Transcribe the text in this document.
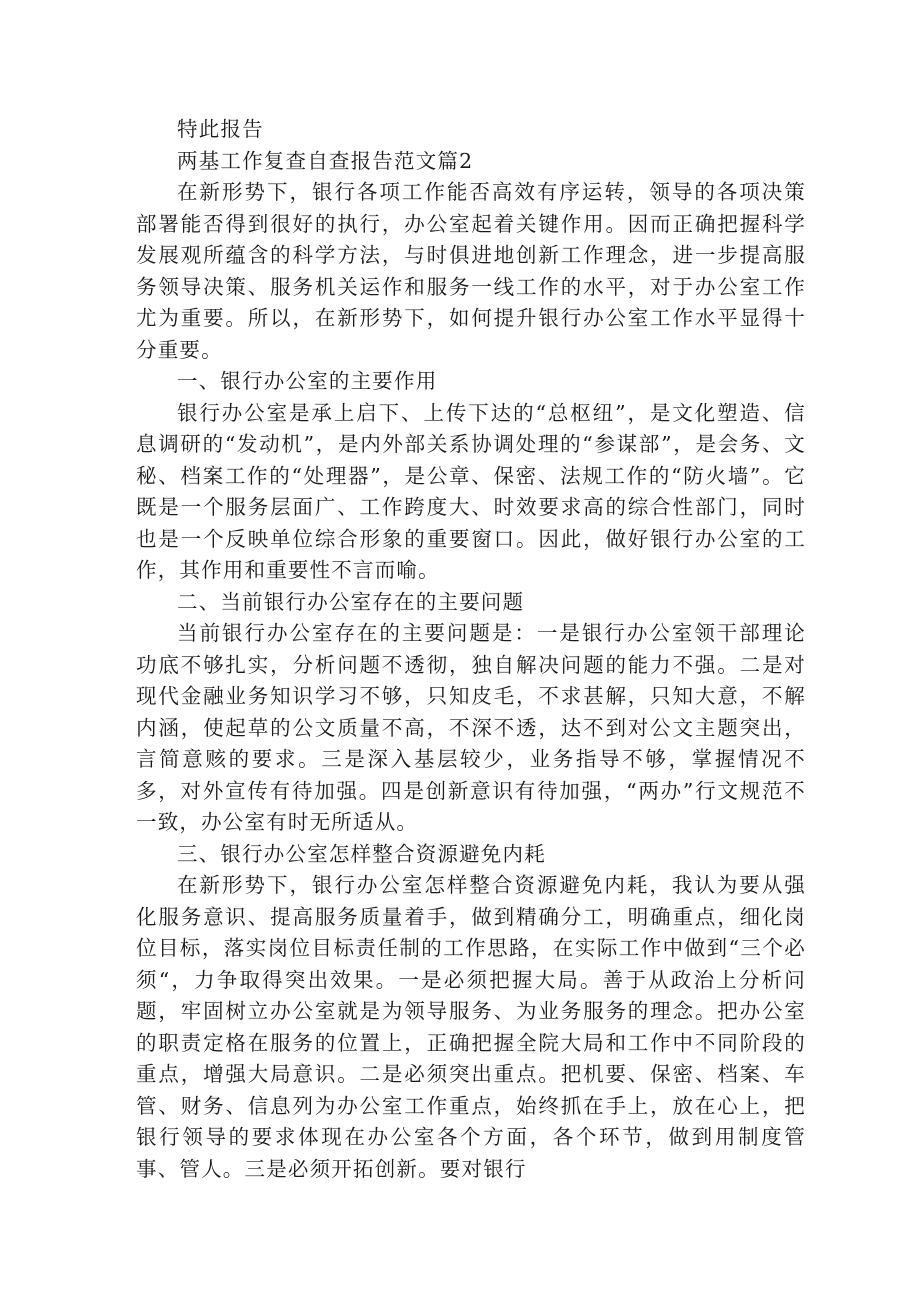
特此报告

两基工作复查自查报告范文篇2

在新形势下，银行各项工作能否高效有序运转，领导的各项决策部署能否得到很好的执行，办公室起着关键作用。因而正确把握科学发展观所蕴含的科学方法，与时俱进地创新工作理念，进一步提高服务领导决策、服务机关运作和服务一线工作的水平，对于办公室工作尤为重要。所以，在新形势下，如何提升银行办公室工作水平显得十分重要。

一、银行办公室的主要作用

银行办公室是承上启下、上传下达的“总枢纽”，是文化塑造、信息调研的“发动机”，是内外部关系协调处理的“参谋部”，是会务、文秘、档案工作的“处理器”，是公章、保密、法规工作的“防火墙”。它既是一个服务层面广、工作跨度大、时效要求高的综合性部门，同时也是一个反映单位综合形象的重要窗口。因此，做好银行办公室的工作，其作用和重要性不言而喻。

二、当前银行办公室存在的主要问题

当前银行办公室存在的主要问题是：一是银行办公室领干部理论功底不够扎实，分析问题不透彻，独自解决问题的能力不强。二是对现代金融业务知识学习不够，只知皮毛，不求甚解，只知大意，不解内涵，使起草的公文质量不高，不深不透，达不到对公文主题突出，言简意赅的要求。三是深入基层较少，业务指导不够，掌握情况不多，对外宣传有待加强。四是创新意识有待加强，“两办”行文规范不一致，办公室有时无所适从。

三、银行办公室怎样整合资源避免内耗

在新形势下，银行办公室怎样整合资源避免内耗，我认为要从强化服务意识、提高服务质量着手，做到精确分工，明确重点，细化岗位目标，落实岗位目标责任制的工作思路，在实际工作中做到“三个必须“，力争取得突出效果。一是必须把握大局。善于从政治上分析问题，牢固树立办公室就是为领导服务、为业务服务的理念。把办公室的职责定格在服务的位置上，正确把握全院大局和工作中不同阶段的重点，增强大局意识。二是必须突出重点。把机要、保密、档案、车管、财务、信息列为办公室工作重点，始终抓在手上，放在心上，把银行领导的要求体现在办公室各个方面，各个环节，做到用制度管事、管人。三是必须开拓创新。要对银行
